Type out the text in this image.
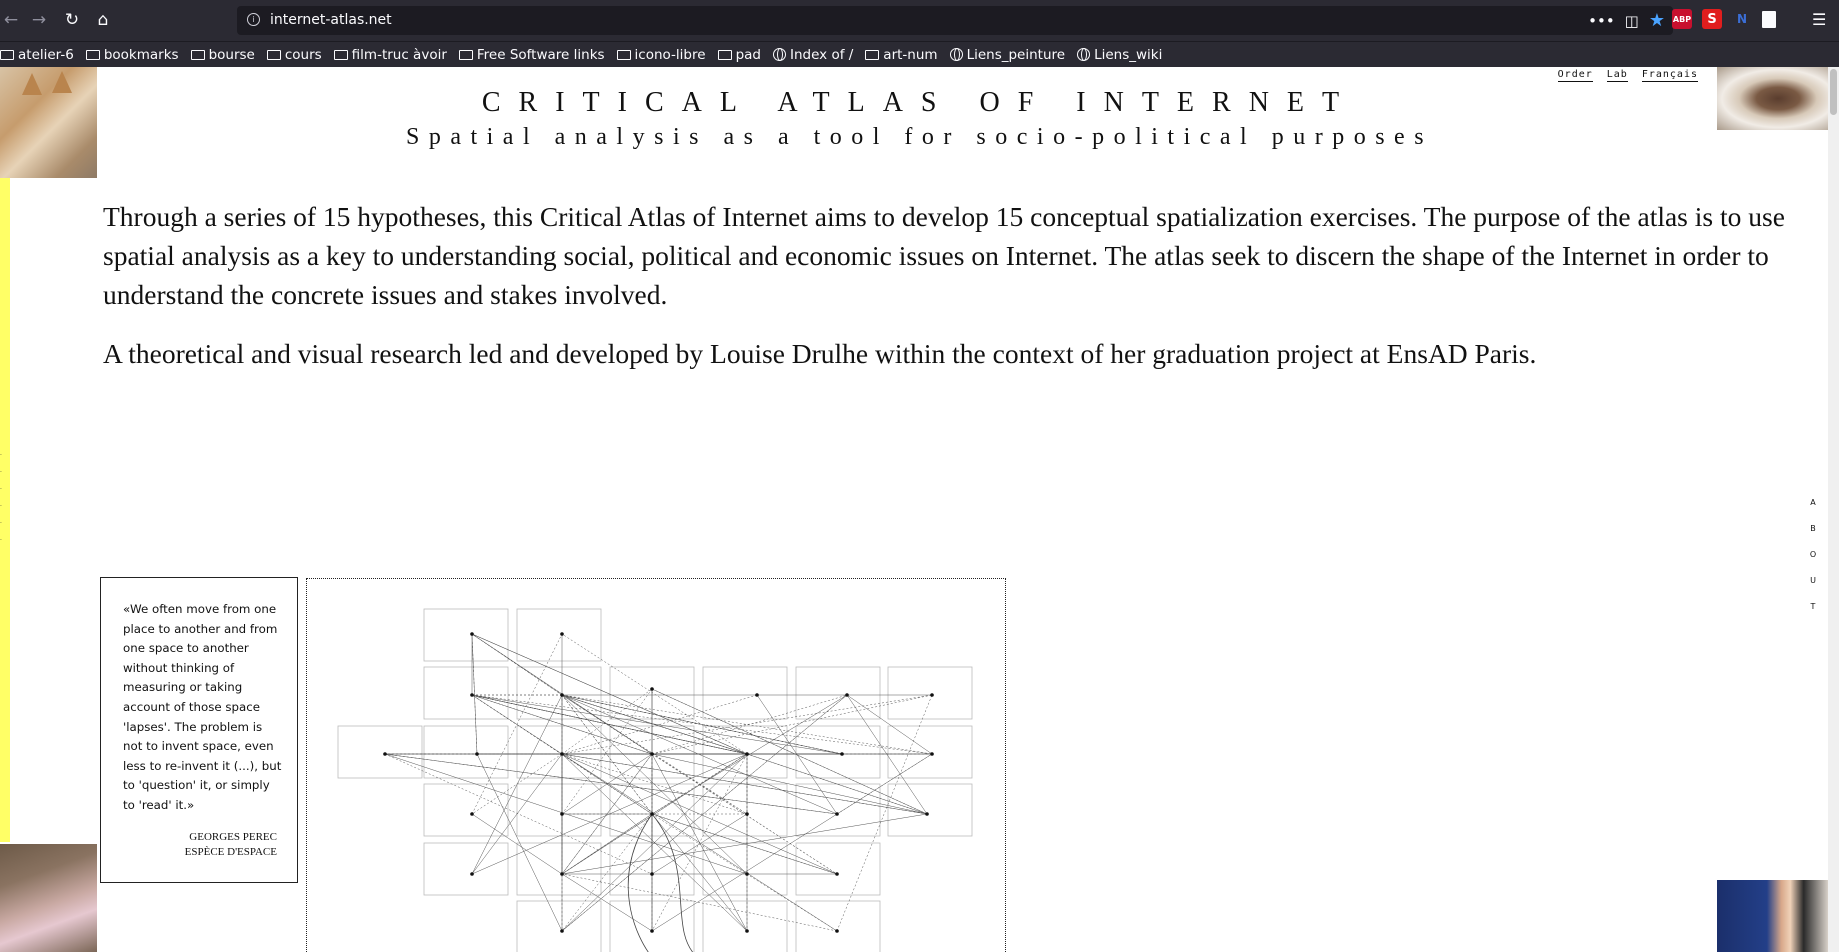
← → ↻	⌂	i	internet-atlas.net	••• ◫ ★ ABP	S	N	☰
atelier-6 bookmarks bourse cours film-truc àvoir Free Software links icono-libre pad Index of / art-num Liens_peinture Liens_wiki
·
·
·
·
·
·
Order Lab Français
CRITICAL ATLAS OF INTERNET
Spatial analysis as a tool for socio-political purposes

Through a series of 15 hypotheses, this Critical Atlas of Internet aims to develop 15 conceptual spatialization exercises. The purpose of the atlas is to use spatial analysis as a key to understanding social, political and economic issues on Internet. The atlas seek to discern the shape of the Internet in order to understand the concrete issues and stakes involved.

A theoretical and visual research led and developed by Louise Drulhe within the context of her graduation project at EnsAD Paris.

A
B
O
U
T
«We often move from one place to another and from one space to another without thinking of measuring or taking account of those space 'lapses'. The problem is not to invent space, even less to re-invent it (...), but to 'question' it, or simply to 'read' it.»
GEORGES PEREC
ESPÈCE D'ESPACE
